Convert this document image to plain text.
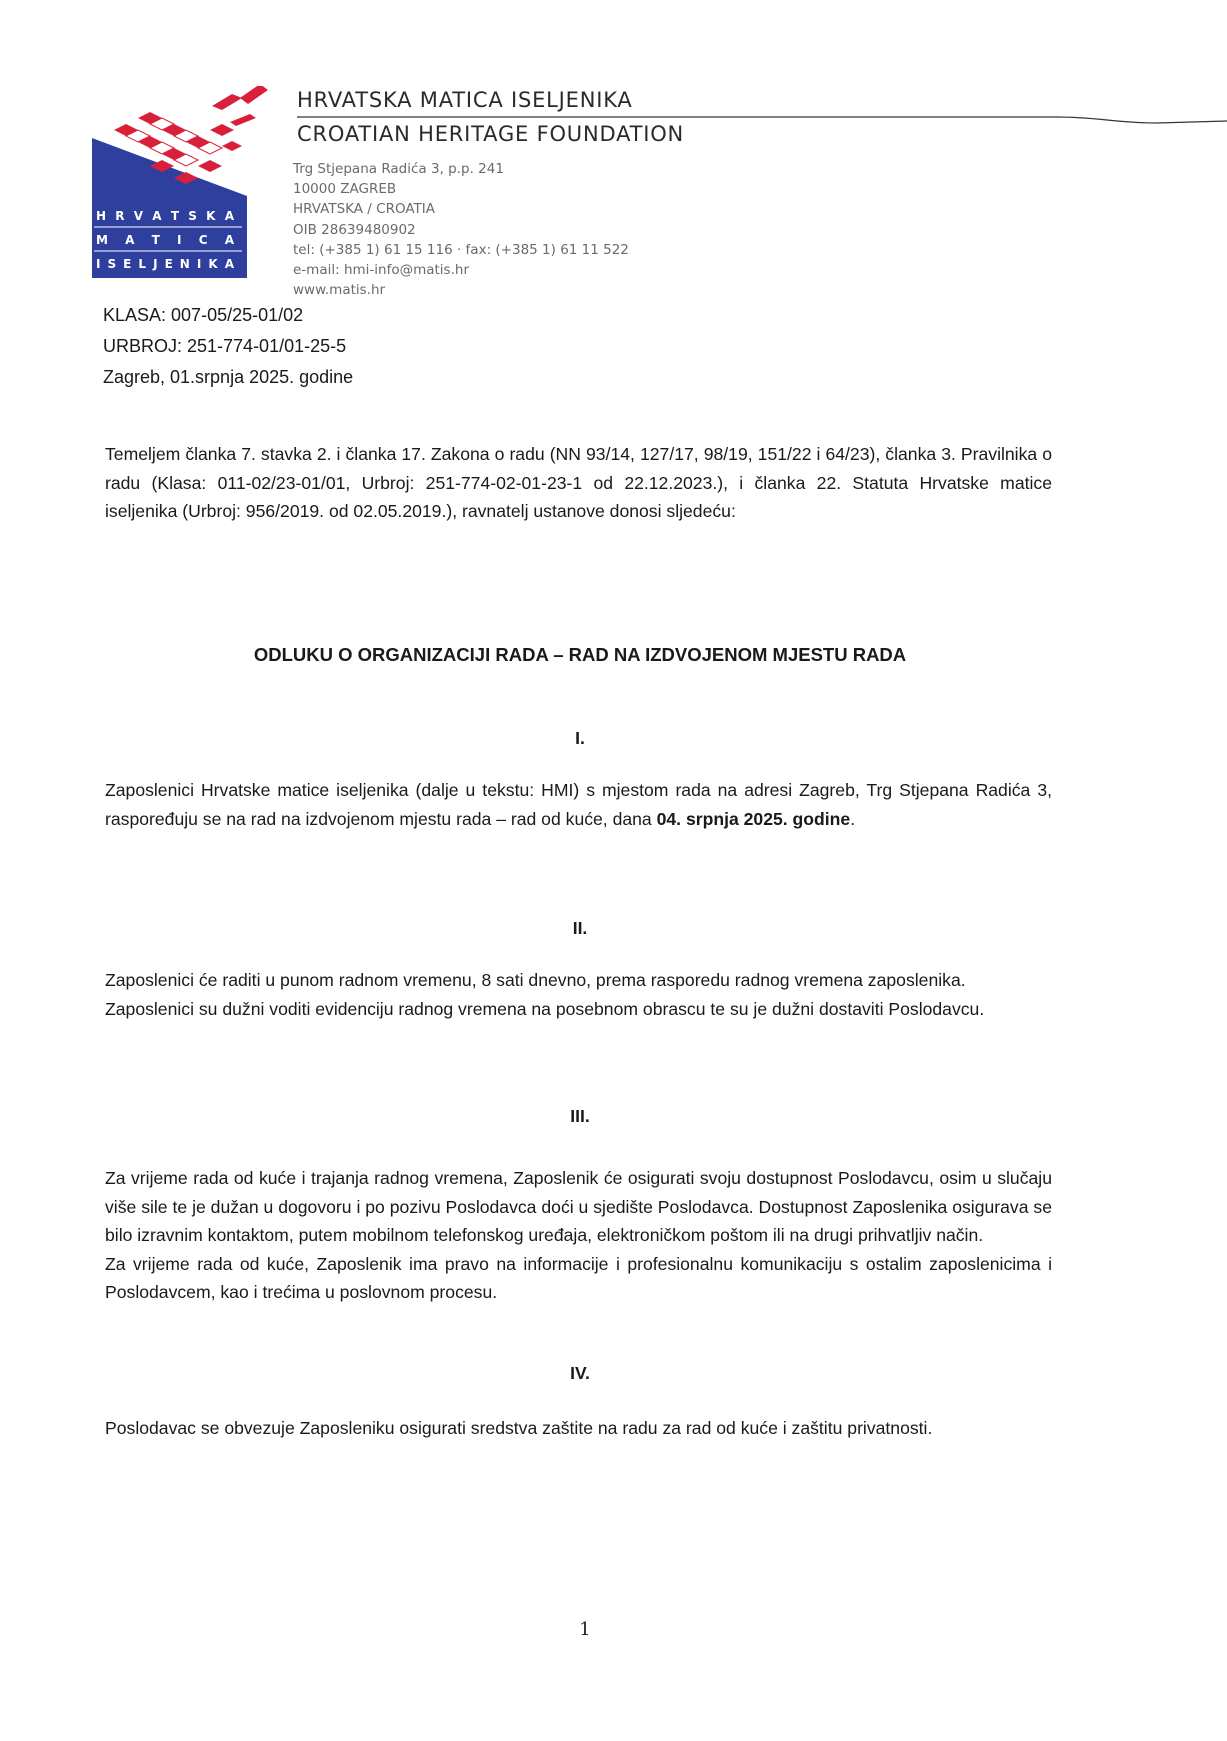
H R V A T S K A
M A T I C A
I S E L J E N I K A
HRVATSKA MATICA ISELJENIKA
CROATIAN HERITAGE FOUNDATION
Trg Stjepana Radića 3, p.p. 241
10000 ZAGREB
HRVATSKA / CROATIA
OIB 28639480902
tel: (+385 1) 61 15 116 · fax: (+385 1) 61 11 522
e-mail: hmi-info@matis.hr
www.matis.hr
KLASA: 007-05/25-01/02
URBROJ: 251-774-01/01-25-5
Zagreb, 01.srpnja 2025. godine
Temeljem članka 7. stavka 2. i članka 17. Zakona o radu (NN 93/14, 127/17, 98/19, 151/22 i 64/23), članka 3. Pravilnika o radu (Klasa: 011-02/23-01/01, Urbroj: 251-774-02-01-23-1 od 22.12.2023.), i članka 22. Statuta Hrvatske matice iseljenika (Urbroj: 956/2019. od 02.05.2019.), ravnatelj ustanove donosi sljedeću:
ODLUKU O ORGANIZACIJI RADA – RAD NA IZDVOJENOM MJESTU RADA
I.
Zaposlenici Hrvatske matice iseljenika (dalje u tekstu: HMI) s mjestom rada na adresi Zagreb, Trg Stjepana Radića 3, raspoređuju se na rad na izdvojenom mjestu rada – rad od kuće, dana 04. srpnja 2025. godine.
II.

Zaposlenici će raditi u punom radnom vremenu, 8 sati dnevno, prema rasporedu radnog vremena zaposlenika.

Zaposlenici su dužni voditi evidenciju radnog vremena na posebnom obrascu te su je dužni dostaviti Poslodavcu.

III.

Za vrijeme rada od kuće i trajanja radnog vremena, Zaposlenik će osigurati svoju dostupnost Poslodavcu, osim u slučaju više sile te je dužan u dogovoru i po pozivu Poslodavca doći u sjedište Poslodavca. Dostupnost Zaposlenika osigurava se bilo izravnim kontaktom, putem mobilnom telefonskog uređaja, elektroničkom poštom ili na drugi prihvatljiv način.

Za vrijeme rada od kuće, Zaposlenik ima pravo na informacije i profesionalnu komunikaciju s ostalim zaposlenicima i Poslodavcem, kao i trećima u poslovnom procesu.

IV.

Poslodavac se obvezuje Zaposleniku osigurati sredstva zaštite na radu za rad od kuće i zaštitu privatnosti.

1
